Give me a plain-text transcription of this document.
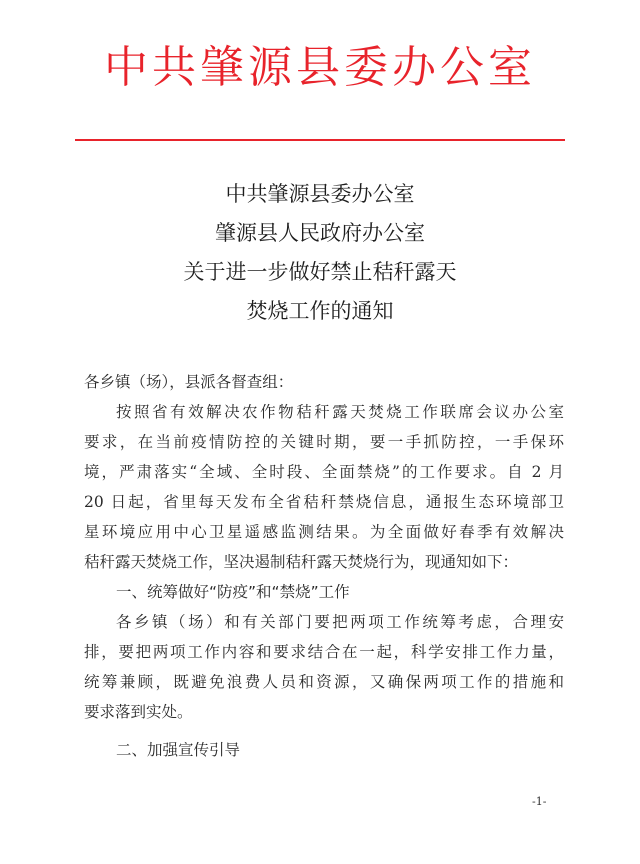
中共肇源县委办公室
中共肇源县委办公室
肇源县人民政府办公室
关于进一步做好禁止秸秆露天
焚烧工作的通知

各乡镇（场），县派各督查组：

按照省有效解决农作物秸秆露天焚烧工作联席会议办公室

要求，在当前疫情防控的关键时期，要一手抓防控，一手保环

境，严肃落实“全域、全时段、全面禁烧”的工作要求。自 2 月

20 日起，省里每天发布全省秸秆禁烧信息，通报生态环境部卫

星环境应用中心卫星遥感监测结果。为全面做好春季有效解决

秸秆露天焚烧工作，坚决遏制秸秆露天焚烧行为，现通知如下：

一、统筹做好“防疫”和“禁烧”工作

各乡镇（场）和有关部门要把两项工作统筹考虑，合理安

排，要把两项工作内容和要求结合在一起，科学安排工作力量，

统筹兼顾，既避免浪费人员和资源，又确保两项工作的措施和

要求落到实处。

二、加强宣传引导

-1-
